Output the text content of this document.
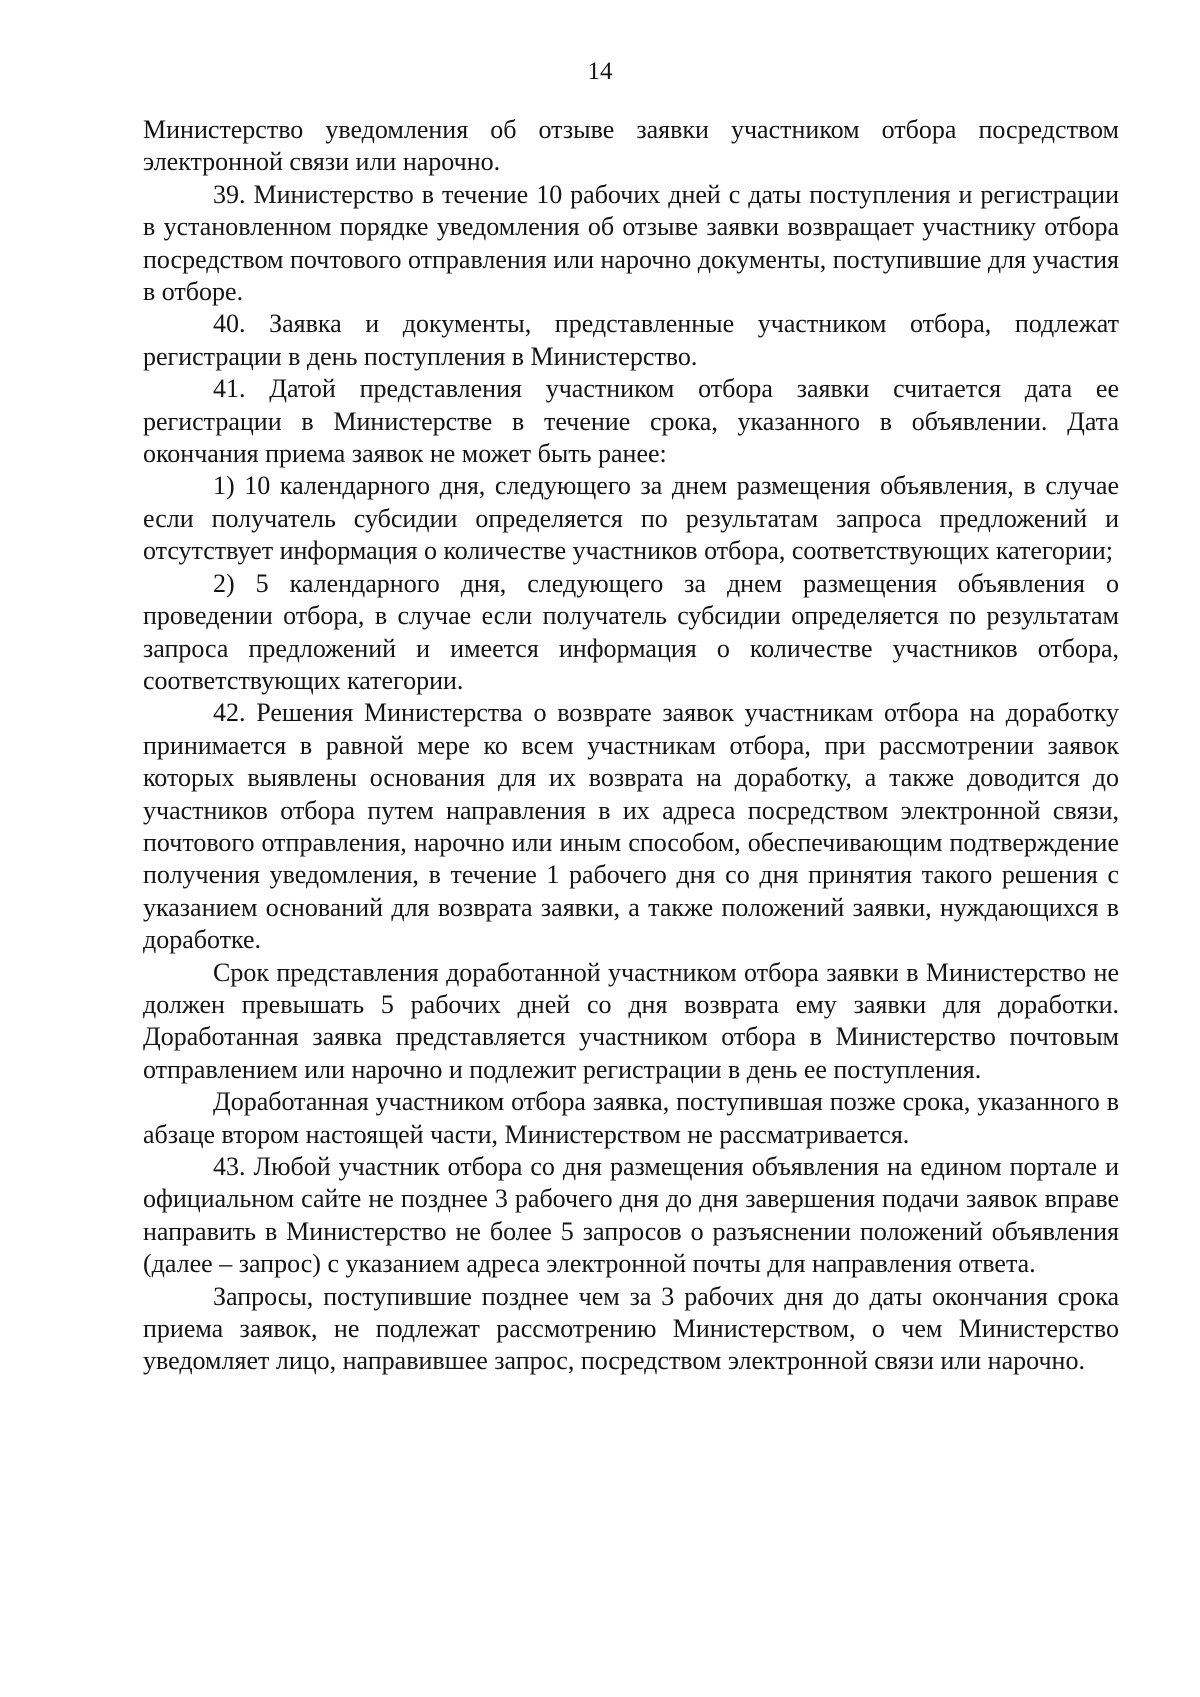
14

Министерство уведомления об отзыве заявки участником отбора посредством электронной связи или нарочно.

39. Министерство в течение 10 рабочих дней с даты поступления и регистрации в установленном порядке уведомления об отзыве заявки возвращает участнику отбора посредством почтового отправления или нарочно документы, поступившие для участия в отборе.

40. Заявка и документы, представленные участником отбора, подлежат регистрации в день поступления в Министерство.

41. Датой представления участником отбора заявки считается дата ее регистрации в Министерстве в течение срока, указанного в объявлении. Дата окончания приема заявок не может быть ранее:

1) 10 календарного дня, следующего за днем размещения объявления, в случае если получатель субсидии определяется по результатам запроса предложений и отсутствует информация о количестве участников отбора, соответствующих категории;

2) 5 календарного дня, следующего за днем размещения объявления о проведении отбора, в случае если получатель субсидии определяется по результатам запроса предложений и имеется информация о количестве участников отбора, соответствующих категории.

42. Решения Министерства о возврате заявок участникам отбора на доработку принимается в равной мере ко всем участникам отбора, при рассмотрении заявок которых выявлены основания для их возврата на доработку, а также доводится до участников отбора путем направления в их адреса посредством электронной связи, почтового отправления, нарочно или иным способом, обеспечивающим подтверждение получения уведомления, в течение 1 рабочего дня со дня принятия такого решения с указанием оснований для возврата заявки, а также положений заявки, нуждающихся в доработке.

Срок представления доработанной участником отбора заявки в Министерство не должен превышать 5 рабочих дней со дня возврата ему заявки для доработки. Доработанная заявка представляется участником отбора в Министерство почтовым отправлением или нарочно и подлежит регистрации в день ее поступления.

Доработанная участником отбора заявка, поступившая позже срока, указанного в абзаце втором настоящей части, Министерством не рассматривается.

43. Любой участник отбора со дня размещения объявления на едином портале и официальном сайте не позднее 3 рабочего дня до дня завершения подачи заявок вправе направить в Министерство не более 5 запросов о разъяснении положений объявления (далее – запрос) с указанием адреса электронной почты для направления ответа.

Запросы, поступившие позднее чем за 3 рабочих дня до даты окончания срока приема заявок, не подлежат рассмотрению Министерством, о чем Министерство уведомляет лицо, направившее запрос, посредством электронной связи или нарочно.
